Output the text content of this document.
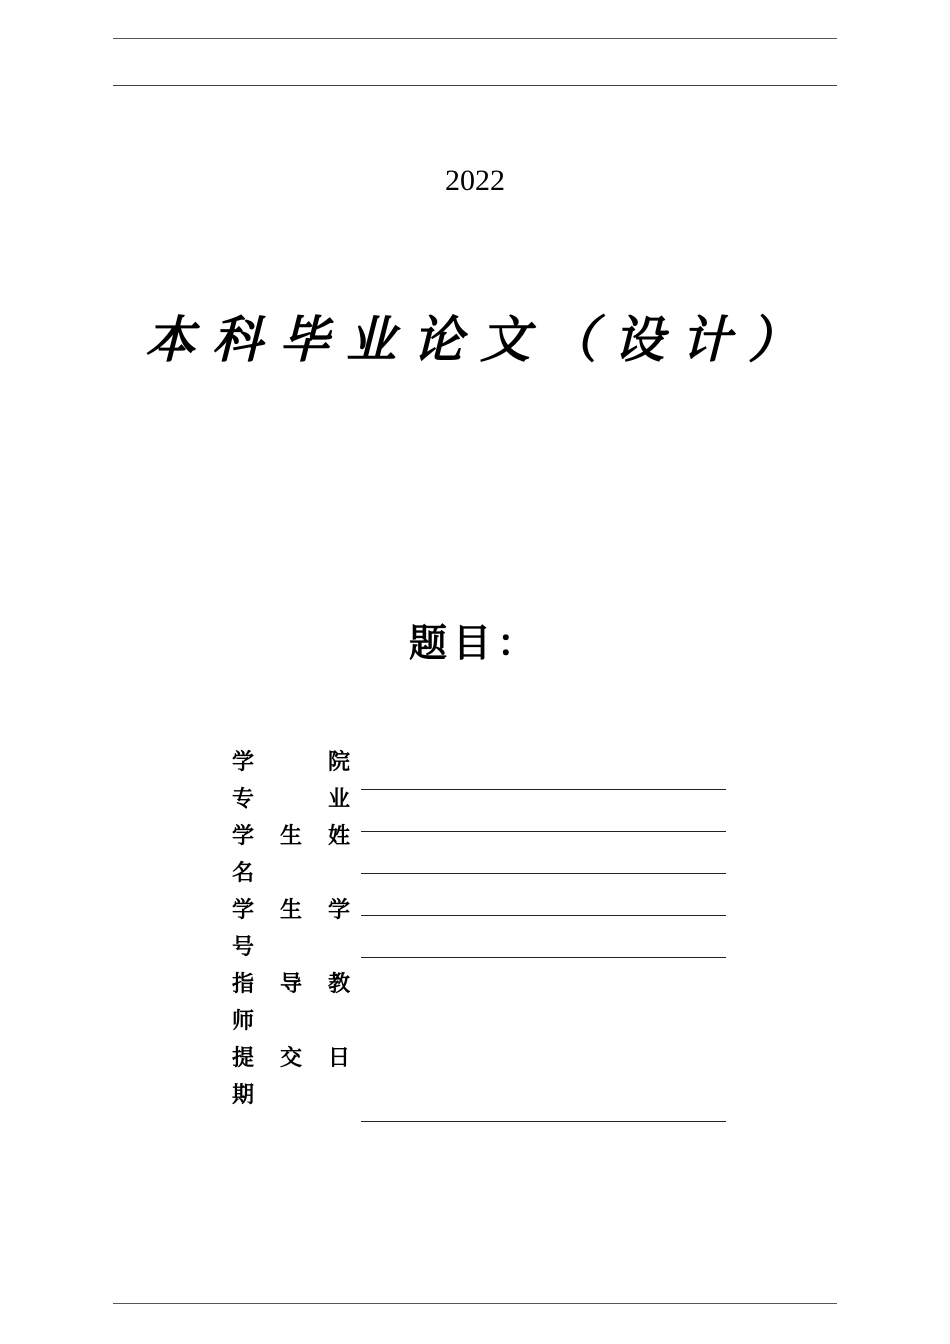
2022
本科毕业论文（设计）
题目：
学	院
专	业
学 生 姓
名
学 生 学
号
指 导 教
师
提 交 日
期
